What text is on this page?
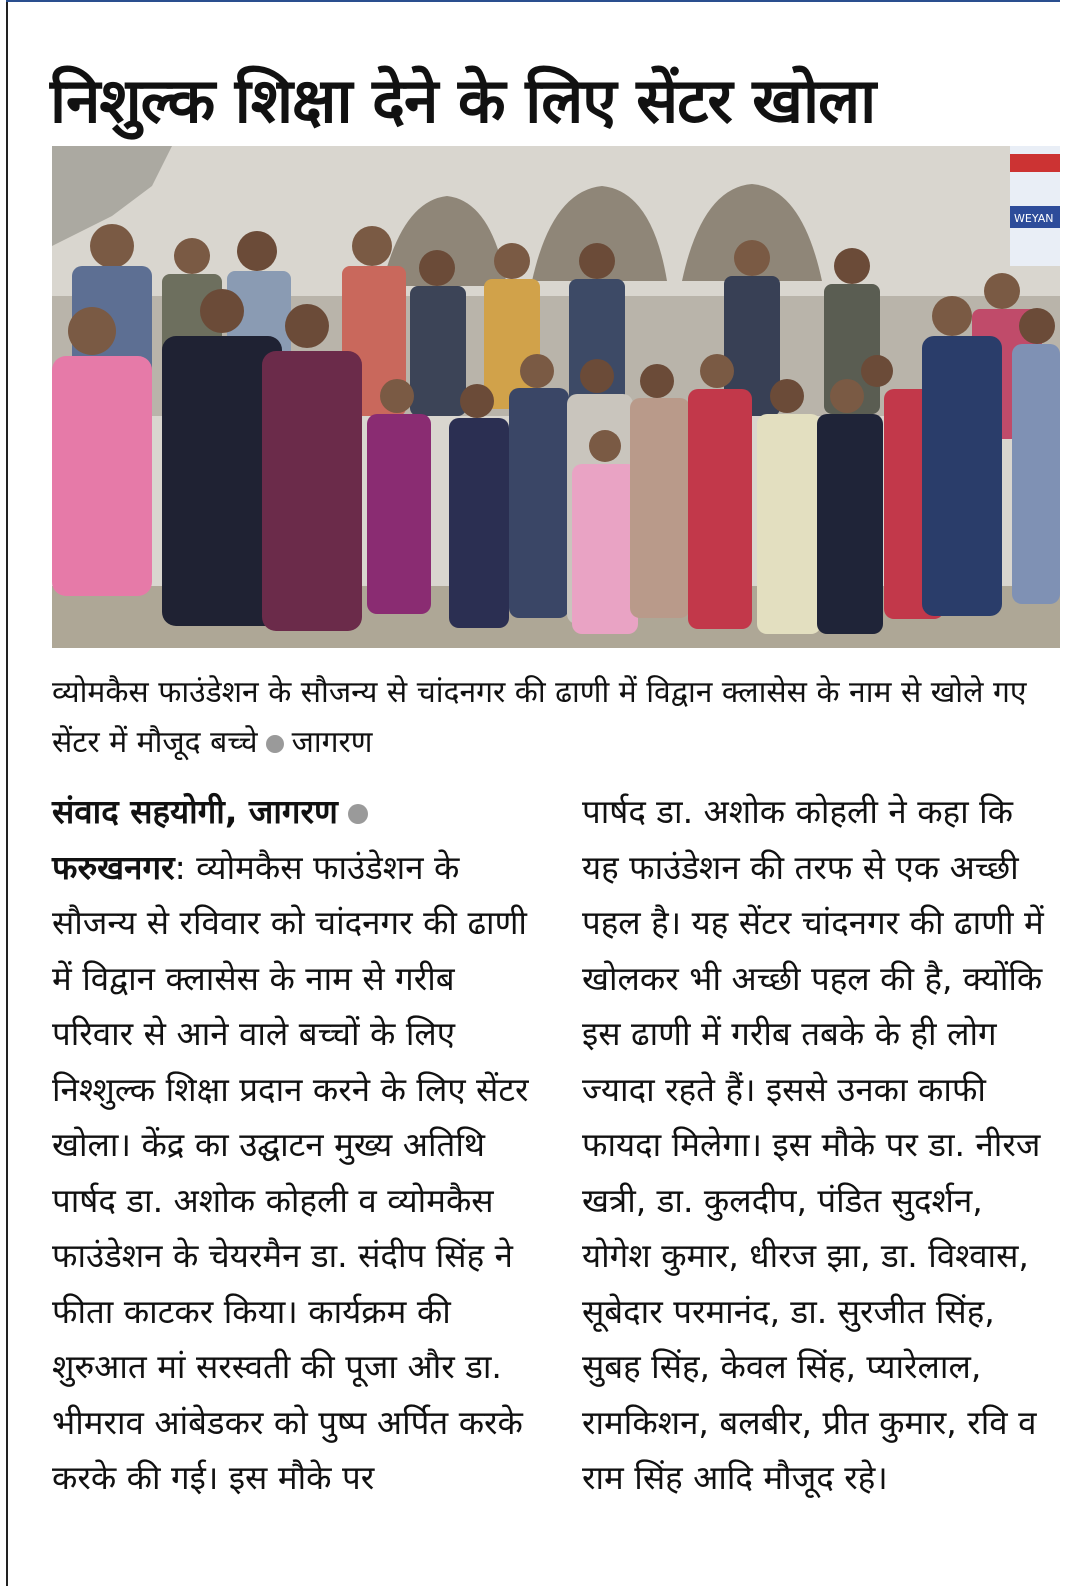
निशुल्क शिक्षा देने के लिए सेंटर खोला
WEYAN
व्योमकैस फाउंडेशन के सौजन्य से चांदनगर की ढाणी में विद्वान क्लासेस के नाम से खोले गए सेंटर में मौजूद बच्चे जागरण

संवाद सहयोगी, जागरण

फरुखनगर: व्योमकैस फाउंडेशन के सौजन्य से रविवार को चांदनगर की ढाणी में विद्वान क्लासेस के नाम से गरीब परिवार से आने वाले बच्चों के लिए निश्शुल्क शिक्षा प्रदान करने के लिए सेंटर खोला। केंद्र का उद्घाटन मुख्य अतिथि पार्षद डा. अशोक कोहली व व्योमकैस फाउंडेशन के चेयरमैन डा. संदीप सिंह ने फीता काटकर किया। कार्यक्रम की शुरुआत मां सरस्वती की पूजा और डा. भीमराव आंबेडकर को पुष्प अर्पित करके करके की गई। इस मौके पर

पार्षद डा. अशोक कोहली ने कहा कि यह फाउंडेशन की तरफ से एक अच्छी पहल है। यह सेंटर चांदनगर की ढाणी में खोलकर भी अच्छी पहल की है, क्योंकि इस ढाणी में गरीब तबके के ही लोग ज्यादा रहते हैं। इससे उनका काफी फायदा मिलेगा। इस मौके पर डा. नीरज खत्री, डा. कुलदीप, पंडित सुदर्शन, योगेश कुमार, धीरज झा, डा. विश्वास, सूबेदार परमानंद, डा. सुरजीत सिंह, सुबह सिंह, केवल सिंह, प्यारेलाल, रामकिशन, बलबीर, प्रीत कुमार, रवि व राम सिंह आदि मौजूद रहे।
